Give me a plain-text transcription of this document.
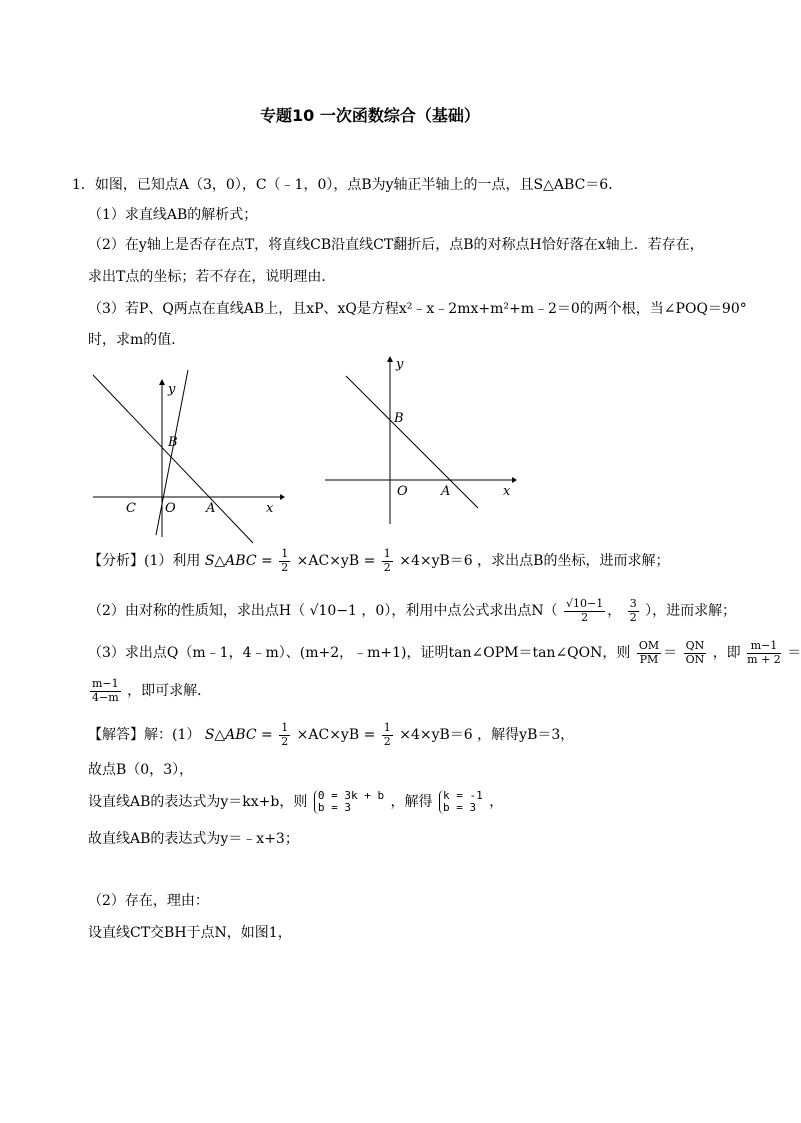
专题10 一次函数综合（基础）
1．如图，已知点A（3，0），C（﹣1，0），点B为y轴正半轴上的一点，且S△ABC＝6．
（1）求直线AB的解析式；
（2）在y轴上是否存在点T，将直线CB沿直线CT翻折后，点B的对称点H恰好落在x轴上．若存在，
求出T点的坐标；若不存在，说明理由．
（3）若P、Q两点在直线AB上，且xP、xQ是方程x²﹣x﹣2mx+m²+m﹣2＝0的两个根，当∠POQ＝90°
时，求m的值．
y
B
C O A	x
y
B
O	A	x
【分析】(1）利用 S△ABC = $\frac{1}{2} \times AC\times yB = \frac{1}{2} \times 4\times yB=6$ ，求出点B的坐标，进而求解；
（2）由对称的性质知，求出点H（ √10−1 ，0），利用中点公式求出点$N( \frac{√10-1}{2}$ ， $\frac{3}{2}$ ），进而求解；
（3）求出点Q（m﹣1，4﹣m）、(m+2，﹣m+1)，证明tan∠OPM＝tan∠QON，则 $\frac{OM}{PM} = \frac{QN}{ON}$ ，即 $\frac{m-1}{m + 2}$ ＝
$\frac{m-1}{4-m}$ ，即可求解．
【解答】解：(1） S△ABC = $\frac{1}{2} \times AC\times yB = \frac{1}{2} \times 4\times yB=6$ ，解得yB＝3，
故点B（0，3），
设直线AB的表达式为y＝kx+b，则 0 = 3k + b
b = 3	，解得 k = -1
b = 3 ，
故直线AB的表达式为y＝﹣x+3；
（2）存在，理由：
设直线CT交BH于点N，如图1，
